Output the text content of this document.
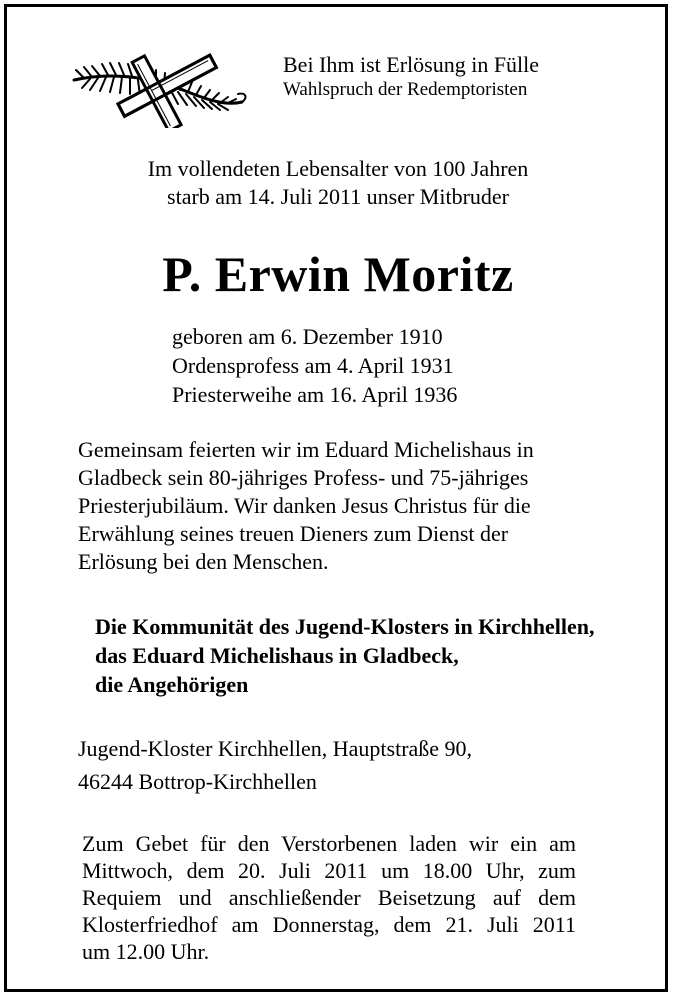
Bei Ihm ist Erlösung in Fülle
Wahlspruch der Redemptoristen
Im vollendeten Lebensalter von 100 Jahren
starb am 14. Juli 2011 unser Mitbruder
P. Erwin Moritz
geboren am 6. Dezember 1910
Ordensprofess am 4. April 1931
Priesterweihe am 16. April 1936
Gemeinsam feierten wir im Eduard Michelishaus in
Gladbeck sein 80-jähriges Profess- und 75-jähriges
Priesterjubiläum. Wir danken Jesus Christus für die
Erwählung seines treuen Dieners zum Dienst der
Erlösung bei den Menschen.
Die Kommunität des Jugend-Klosters in Kirchhellen,
das Eduard Michelishaus in Gladbeck,
die Angehörigen
Jugend-Kloster Kirchhellen, Hauptstraße 90,
46244 Bottrop-Kirchhellen
Zum Gebet für den Verstorbenen laden wir ein am
Mittwoch, dem 20. Juli 2011 um 18.00 Uhr, zum
Requiem und anschließender Beisetzung auf dem
Klosterfriedhof am Donnerstag, dem 21. Juli 2011
um 12.00 Uhr.
